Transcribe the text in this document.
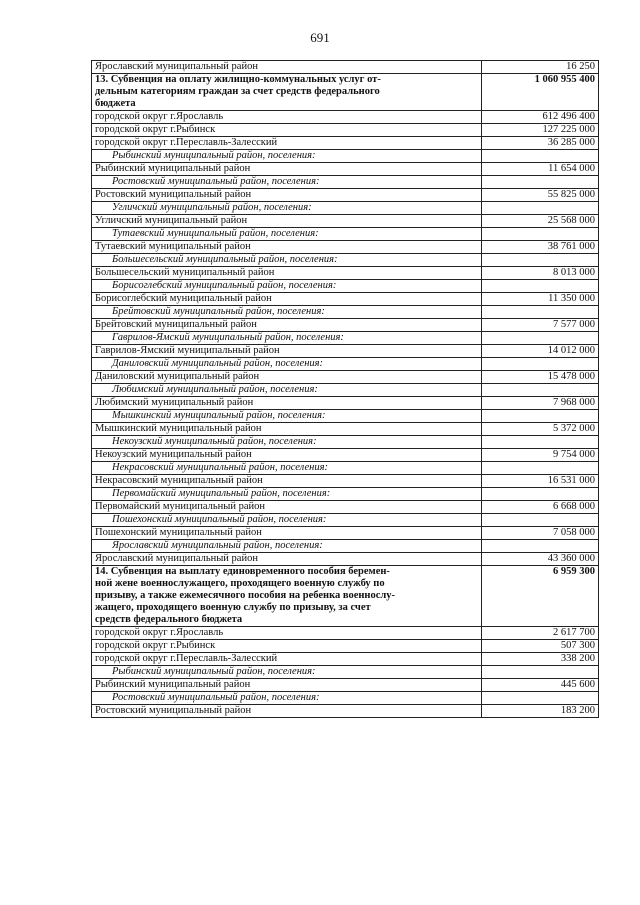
691
Ярославский муниципальный район	16 250

13. Субвенция на оплату жилищно-коммунальных услуг от-
дельным категориям граждан за счет средств федерального
бюджета	1 060 955 400
городской округ г.Ярославль	612 496 400
городской округ г.Рыбинск	127 225 000
городской округ г.Переславль-Залесский	36 285 000
Рыбинский муниципальный район, поселения:	
Рыбинский муниципальный район	11 654 000
Ростовский муниципальный район, поселения:	
Ростовский муниципальный район	55 825 000
Угличский муниципальный район, поселения:	
Угличский муниципальный район	25 568 000
Тутаевский муниципальный район, поселения:	
Тутаевский муниципальный район	38 761 000
Большесельский муниципальный район, поселения:	
Большесельский муниципальный район	8 013 000
Борисоглебский муниципальный район, поселения:	
Борисоглебский муниципальный район	11 350 000
Брейтовский муниципальный район, поселения:	
Брейтовский муниципальный район	7 577 000
Гаврилов-Ямский муниципальный район, поселения:	
Гаврилов-Ямский муниципальный район	14 012 000
Даниловский муниципальный район, поселения:	
Даниловский муниципальный район	15 478 000
Любимский муниципальный район, поселения:	
Любимский муниципальный район	7 968 000
Мышкинский муниципальный район, поселения:	
Мышкинский муниципальный район	5 372 000
Некоузский муниципальный район, поселения:	
Некоузский муниципальный район	9 754 000
Некрасовский муниципальный район, поселения:	
Некрасовский муниципальный район	16 531 000
Первомайский муниципальный район, поселения:	
Первомайский муниципальный район	6 668 000
Пошехонский муниципальный район, поселения:	
Пошехонский муниципальный район	7 058 000
Ярославский муниципальный район, поселения:	
Ярославский муниципальный район	43 360 000

14. Субвенция на выплату единовременного пособия беремен-
ной жене военнослужащего, проходящего военную службу по
призыву, а также ежемесячного пособия на ребенка военнослу-
жащего, проходящего военную службу по призыву, за счет
средств федерального бюджета	6 959 300
городской округ г.Ярославль	2 617 700
городской округ г.Рыбинск	507 300
городской округ г.Переславль-Залесский	338 200
Рыбинский муниципальный район, поселения:	
Рыбинский муниципальный район	445 600
Ростовский муниципальный район, поселения:	
Ростовский муниципальный район	183 200
